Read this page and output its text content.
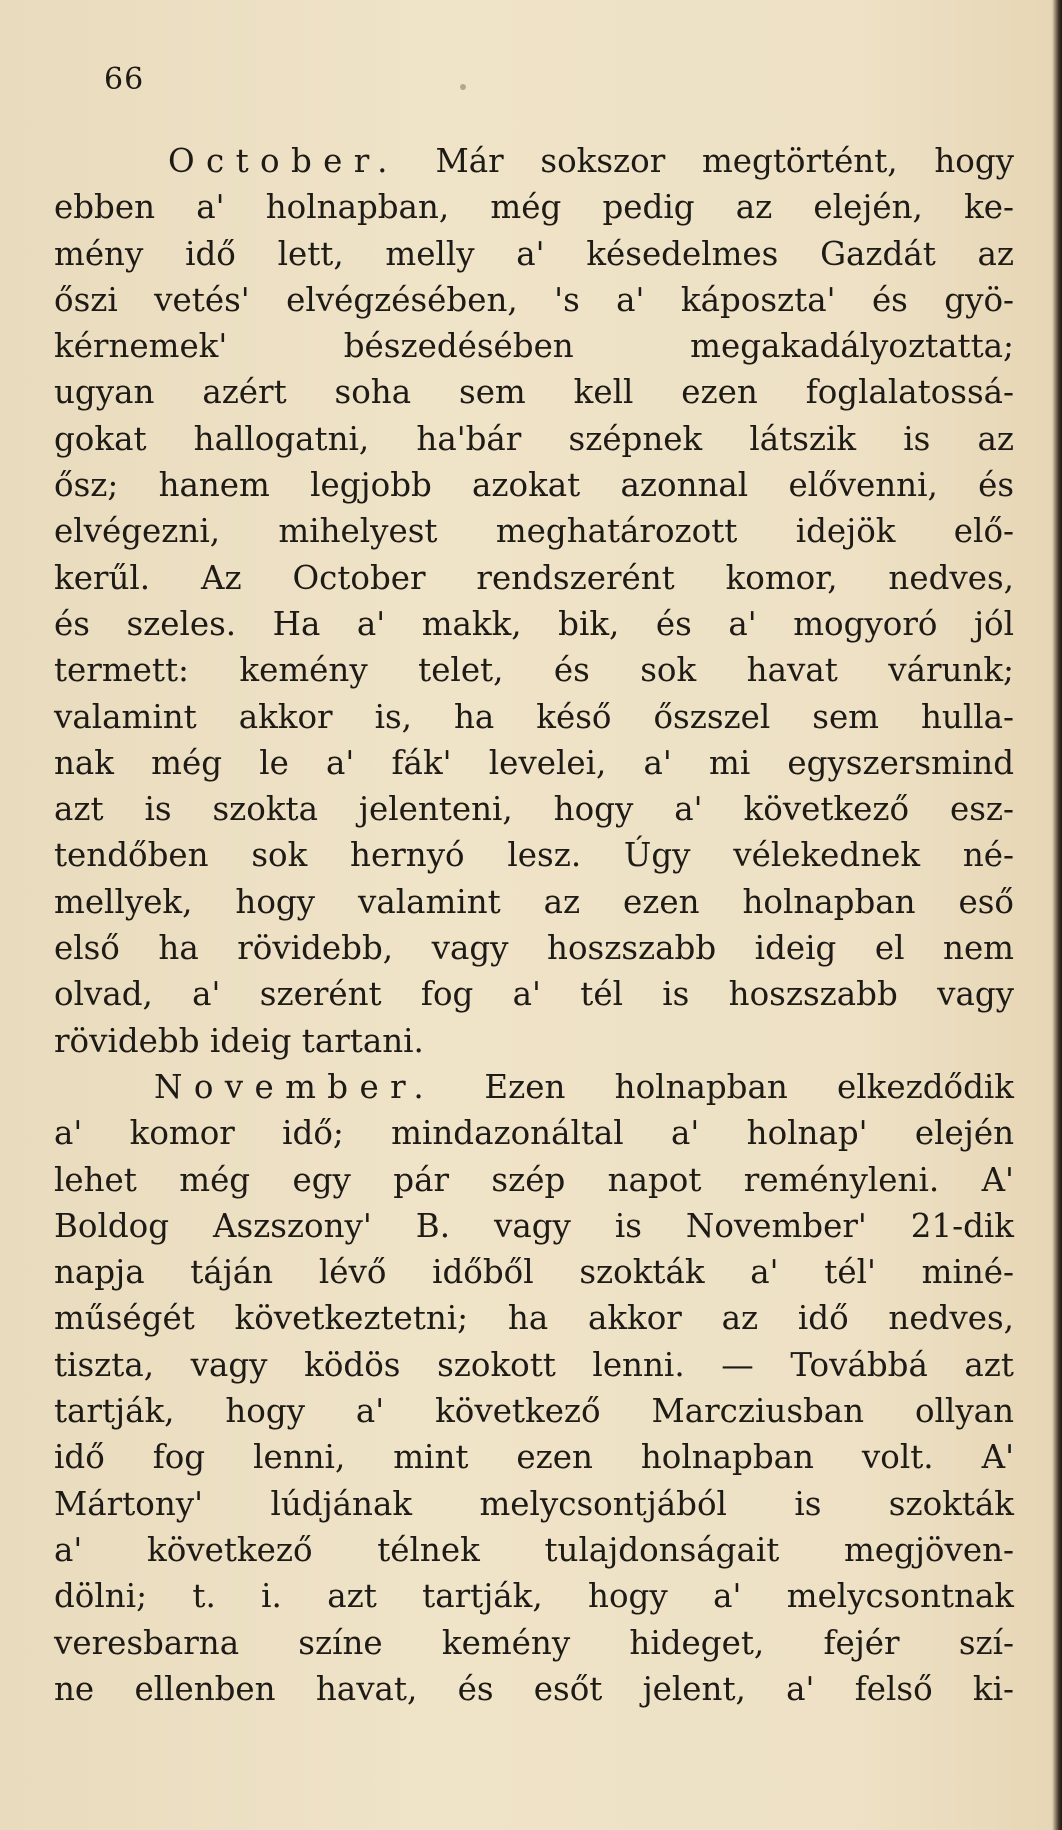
66
October. Már sokszor megtörtént, hogy
ebben a' holnapban, még pedig az elején, ke-
mény idő lett, melly a' késedelmes Gazdát az
őszi vetés' elvégzésében, 's a' káposzta' és gyö-
kérnemek' bészedésében megakadályoztatta;
ugyan azért soha sem kell ezen foglalatossá-
gokat hallogatni, ha'bár szépnek látszik is az
ősz; hanem legjobb azokat azonnal elővenni, és
elvégezni, mihelyest meghatározott idejök elő-
kerűl. Az October rendszerént komor, nedves,
és szeles. Ha a' makk, bik, és a' mogyoró jól
termett: kemény telet, és sok havat várunk;
valamint akkor is, ha késő őszszel sem hulla-
nak még le a' fák' levelei, a' mi egyszersmind
azt is szokta jelenteni, hogy a' következő esz-
tendőben sok hernyó lesz. Úgy vélekednek né-
mellyek, hogy valamint az ezen holnapban eső
első ha rövidebb, vagy hoszszabb ideig el nem
olvad, a' szerént fog a' tél is hoszszabb vagy
rövidebb ideig tartani.
November. Ezen holnapban elkezdődik
a' komor idő; mindazonáltal a' holnap' elején
lehet még egy pár szép napot reményleni. A'
Boldog Aszszony' B. vagy is November' 21-dik
napja táján lévő időből szokták a' tél' miné-
műségét következtetni; ha akkor az idő nedves,
tiszta, vagy ködös szokott lenni. — Továbbá azt
tartják, hogy a' következő Marcziusban ollyan
idő fog lenni, mint ezen holnapban volt. A'
Mártony' lúdjának melycsontjából is szokták
a' következő télnek tulajdonságait megjöven-
dölni; t. i. azt tartják, hogy a' melycsontnak
veresbarna színe kemény hideget, fejér szí-
ne ellenben havat, és esőt jelent, a' felső ki-
